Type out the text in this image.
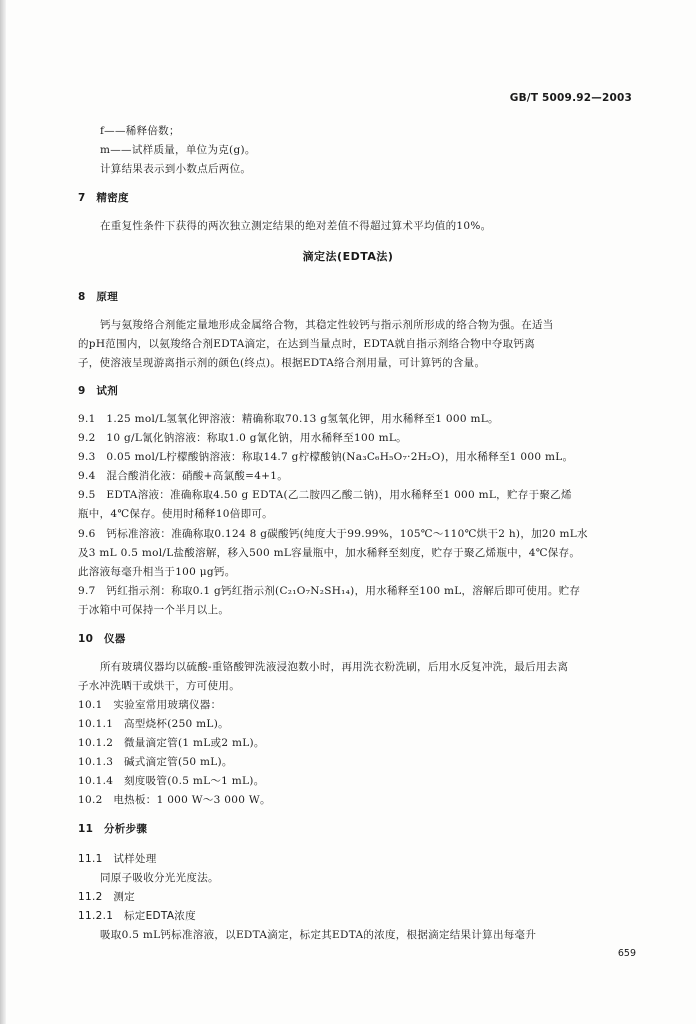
GB/T 5009.92—2003
f——稀释倍数；
m——试样质量，单位为克(g)。
计算结果表示到小数点后两位。
7　精密度
在重复性条件下获得的两次独立测定结果的绝对差值不得超过算术平均值的10%。
滴定法(EDTA法)
8　原理
钙与氨羧络合剂能定量地形成金属络合物，其稳定性较钙与指示剂所形成的络合物为强。在适当
的pH范围内，以氨羧络合剂EDTA滴定，在达到当量点时，EDTA就自指示剂络合物中夺取钙离
子，使溶液呈现游离指示剂的颜色(终点)。根据EDTA络合剂用量，可计算钙的含量。
9　试剂
9.1　1.25 mol/L氢氧化钾溶液：精确称取70.13 g氢氧化钾，用水稀释至1 000 mL。
9.2　10 g/L氰化钠溶液：称取1.0 g氰化钠，用水稀释至100 mL。
9.3　0.05 mol/L柠檬酸钠溶液：称取14.7 g柠檬酸钠(Na₃C₆H₅O₇·2H₂O)，用水稀释至1 000 mL。
9.4　混合酸消化液：硝酸+高氯酸=4+1。
9.5　EDTA溶液：准确称取4.50 g EDTA(乙二胺四乙酸二钠)，用水稀释至1 000 mL，贮存于聚乙烯
瓶中，4℃保存。使用时稀释10倍即可。
9.6　钙标准溶液：准确称取0.124 8 g碳酸钙(纯度大于99.99%，105℃～110℃烘干2 h)，加20 mL水
及3 mL 0.5 mol/L盐酸溶解，移入500 mL容量瓶中，加水稀释至刻度，贮存于聚乙烯瓶中，4℃保存。
此溶液每毫升相当于100 μg钙。
9.7　钙红指示剂：称取0.1 g钙红指示剂(C₂₁O₇N₂SH₁₄)，用水稀释至100 mL，溶解后即可使用。贮存
于冰箱中可保持一个半月以上。
10　仪器
所有玻璃仪器均以硫酸-重铬酸钾洗液浸泡数小时，再用洗衣粉洗刷，后用水反复冲洗，最后用去离
子水冲洗晒干或烘干，方可使用。
10.1　实验室常用玻璃仪器：
10.1.1　高型烧杯(250 mL)。
10.1.2　微量滴定管(1 mL或2 mL)。
10.1.3　碱式滴定管(50 mL)。
10.1.4　刻度吸管(0.5 mL～1 mL)。
10.2　电热板：1 000 W～3 000 W。
11　分析步骤
11.1　试样处理
同原子吸收分光光度法。
11.2　测定
11.2.1　标定EDTA浓度
吸取0.5 mL钙标准溶液，以EDTA滴定，标定其EDTA的浓度，根据滴定结果计算出每毫升
659
